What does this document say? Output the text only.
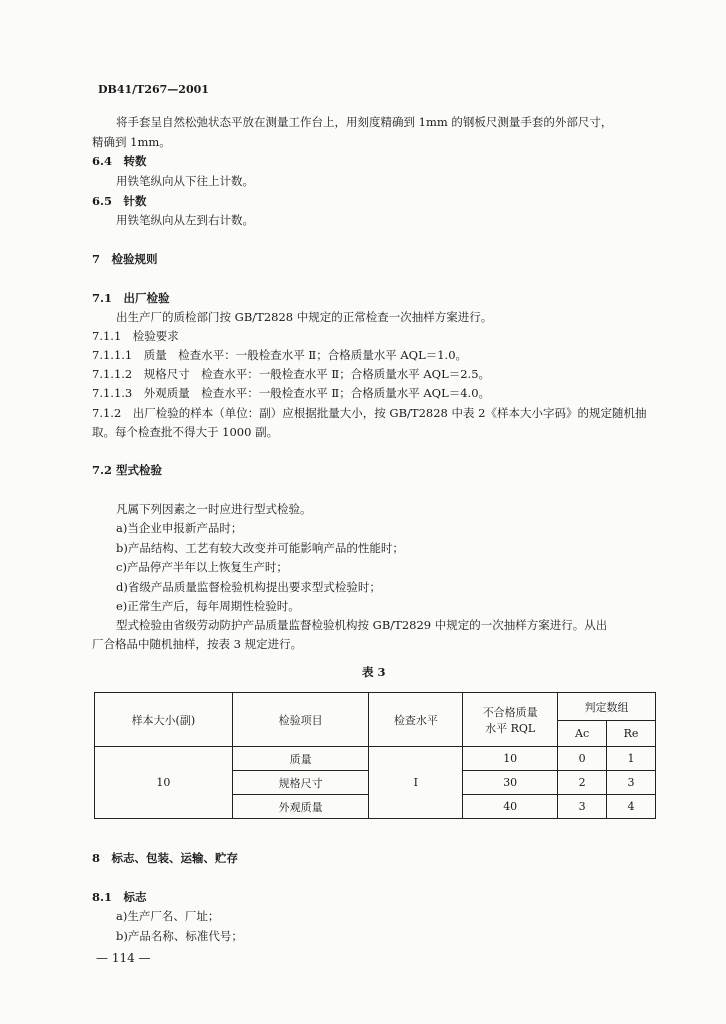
DB41/T267—2001
将手套呈自然松弛状态平放在测量工作台上，用刻度精确到 1mm 的钢板尺测量手套的外部尺寸，
精确到 1mm。
6.4　转数
用铁笔纵向从下往上计数。
6.5　针数
用铁笔纵向从左到右计数。
7　检验规则
7.1　出厂检验
出生产厂的质检部门按 GB/T2828 中规定的正常检查一次抽样方案进行。
7.1.1　检验要求
7.1.1.1　质量　检查水平：一般检查水平 Ⅱ；合格质量水平 AQL＝1.0。
7.1.1.2　规格尺寸　检查水平：一般检查水平 Ⅱ；合格质量水平 AQL＝2.5。
7.1.1.3　外观质量　检查水平：一般检查水平 Ⅱ；合格质量水平 AQL＝4.0。
7.1.2　出厂检验的样本（单位：副）应根据批量大小，按 GB/T2828 中表 2《样本大小字码》的规定随机抽
取。每个检查批不得大于 1000 副。
7.2 型式检验
凡属下列因素之一时应进行型式检验。
a)当企业申报新产品时；
b)产品结构、工艺有较大改变并可能影响产品的性能时；
c)产品停产半年以上恢复生产时；
d)省级产品质量监督检验机构提出要求型式检验时；
e)正常生产后，每年周期性检验时。
型式检验由省级劳动防护产品质量监督检验机构按 GB/T2829 中规定的一次抽样方案进行。从出
厂合格品中随机抽样，按表 3 规定进行。
表 3
样本大小(副)	检验项目	检查水平	不合格质量
水平 RQL	判定数组	
				Ac	Re
10	质量	Ⅰ	10	0	1
	规格尺寸		30	2	3
	外观质量		40	3	4
8　标志、包装、运输、贮存
8.1　标志
a)生产厂名、厂址；
b)产品名称、标准代号；
— 114 —
